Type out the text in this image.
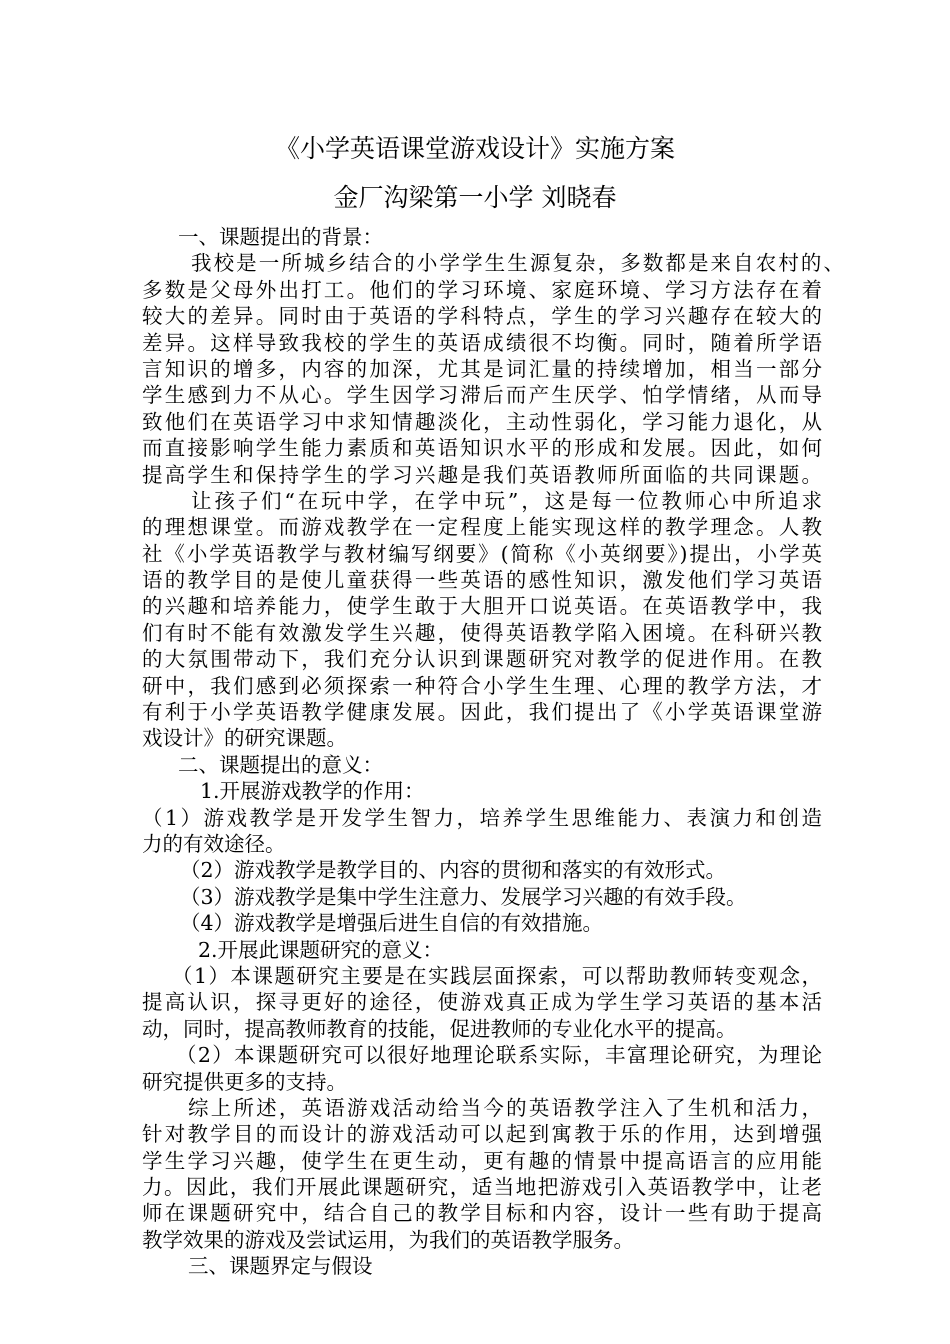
《小学英语课堂游戏设计》实施方案
金厂沟梁第一小学 刘晓春
一、课题提出的背景：
我校是一所城乡结合的小学学生生源复杂，多数都是来自农村的、
多数是父母外出打工。他们的学习环境、家庭环境、学习方法存在着
较大的差异。同时由于英语的学科特点，学生的学习兴趣存在较大的
差异。这样导致我校的学生的英语成绩很不均衡。同时，随着所学语
言知识的增多，内容的加深，尤其是词汇量的持续增加，相当一部分
学生感到力不从心。学生因学习滞后而产生厌学、怕学情绪，从而导
致他们在英语学习中求知情趣淡化，主动性弱化，学习能力退化，从
而直接影响学生能力素质和英语知识水平的形成和发展。因此，如何
提高学生和保持学生的学习兴趣是我们英语教师所面临的共同课题。
让孩子们“在玩中学，在学中玩”，这是每一位教师心中所追求
的理想课堂。而游戏教学在一定程度上能实现这样的教学理念。人教
社《小学英语教学与教材编写纲要》(简称《小英纲要》)提出，小学英
语的教学目的是使儿童获得一些英语的感性知识，激发他们学习英语
的兴趣和培养能力，使学生敢于大胆开口说英语。在英语教学中，我
们有时不能有效激发学生兴趣，使得英语教学陷入困境。在科研兴教
的大氛围带动下，我们充分认识到课题研究对教学的促进作用。在教
研中，我们感到必须探索一种符合小学生生理、心理的教学方法，才
有利于小学英语教学健康发展。因此，我们提出了《小学英语课堂游
戏设计》的研究课题。
二、课题提出的意义：
1.开展游戏教学的作用：
（1）游戏教学是开发学生智力，培养学生思维能力、表演力和创造
力的有效途径。
（2）游戏教学是教学目的、内容的贯彻和落实的有效形式。
（3）游戏教学是集中学生注意力、发展学习兴趣的有效手段。
（4）游戏教学是增强后进生自信的有效措施。
2.开展此课题研究的意义：
（1）本课题研究主要是在实践层面探索，可以帮助教师转变观念，
提高认识，探寻更好的途径，使游戏真正成为学生学习英语的基本活
动，同时，提高教师教育的技能，促进教师的专业化水平的提高。
（2）本课题研究可以很好地理论联系实际，丰富理论研究，为理论
研究提供更多的支持。
综上所述，英语游戏活动给当今的英语教学注入了生机和活力，
针对教学目的而设计的游戏活动可以起到寓教于乐的作用，达到增强
学生学习兴趣，使学生在更生动，更有趣的情景中提高语言的应用能
力。因此，我们开展此课题研究，适当地把游戏引入英语教学中，让老
师在课题研究中，结合自己的教学目标和内容，设计一些有助于提高
教学效果的游戏及尝试运用，为我们的英语教学服务。
三、课题界定与假设
